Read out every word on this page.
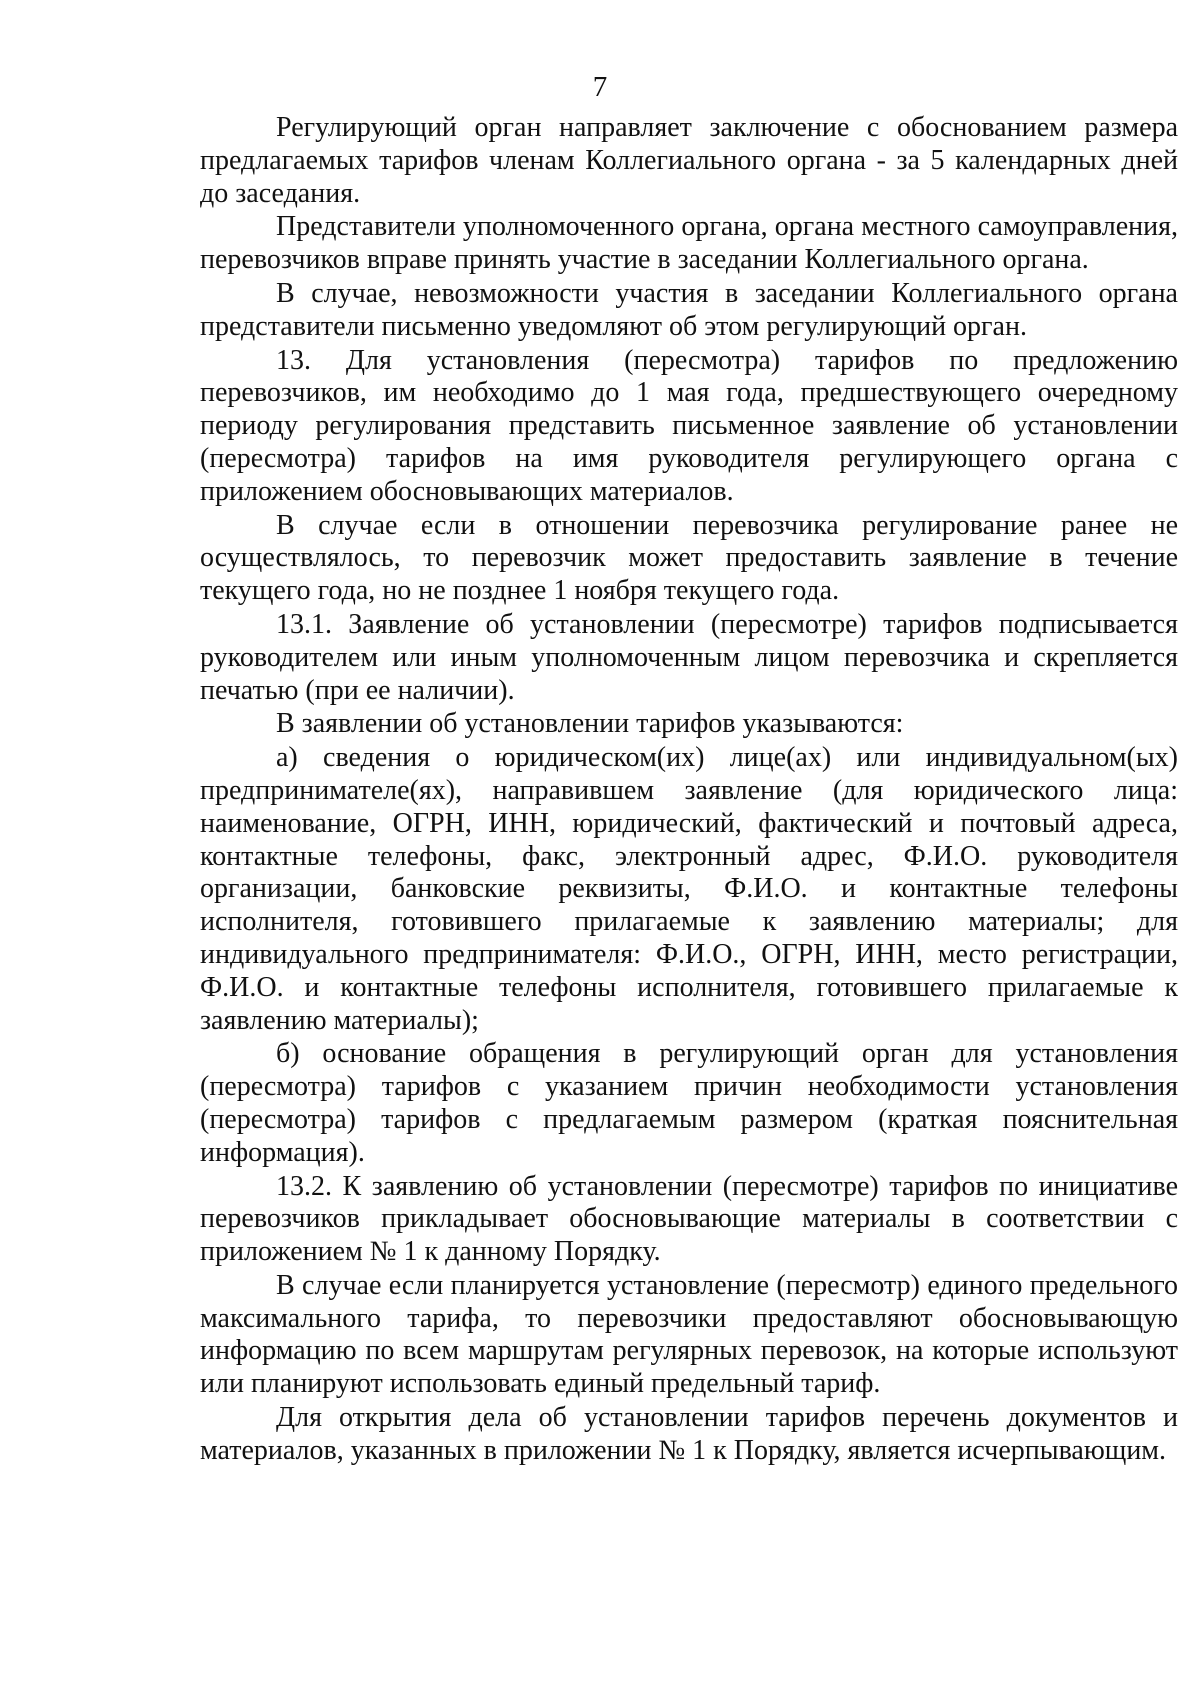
7

Регулирующий орган направляет заключение с обоснованием размера предлагаемых тарифов членам Коллегиального органа - за 5 календарных дней до заседания.

Представители уполномоченного органа, органа местного самоуправления, перевозчиков вправе принять участие в заседании Коллегиального органа.

В случае, невозможности участия в заседании Коллегиального органа представители письменно уведомляют об этом регулирующий орган.

13. Для установления (пересмотра) тарифов по предложению перевозчиков, им необходимо до 1 мая года, предшествующего очередному периоду регулирования представить письменное заявление об установлении (пересмотра) тарифов на имя руководителя регулирующего органа с приложением обосновывающих материалов.

В случае если в отношении перевозчика регулирование ранее не осуществлялось, то перевозчик может предоставить заявление в течение текущего года, но не позднее 1 ноября текущего года.

13.1. Заявление об установлении (пересмотре) тарифов подписывается руководителем или иным уполномоченным лицом перевозчика и скрепляется печатью (при ее наличии).

В заявлении об установлении тарифов указываются:

а) сведения о юридическом(их) лице(ах) или индивидуальном(ых) предпринимателе(ях), направившем заявление (для юридического лица: наименование, ОГРН, ИНН, юридический, фактический и почтовый адреса, контактные телефоны, факс, электронный адрес, Ф.И.О. руководителя организации, банковские реквизиты, Ф.И.О. и контактные телефоны исполнителя, готовившего прилагаемые к заявлению материалы; для индивидуального предпринимателя: Ф.И.О., ОГРН, ИНН, место регистрации, Ф.И.О. и контактные телефоны исполнителя, готовившего прилагаемые к заявлению материалы);

б) основание обращения в регулирующий орган для установления (пересмотра) тарифов с указанием причин необходимости установления (пересмотра) тарифов с предлагаемым размером (краткая пояснительная информация).

13.2. К заявлению об установлении (пересмотре) тарифов по инициативе перевозчиков прикладывает обосновывающие материалы в соответствии с приложением № 1 к данному Порядку.

В случае если планируется установление (пересмотр) единого предельного максимального тарифа, то перевозчики предоставляют обосновывающую информацию по всем маршрутам регулярных перевозок, на которые используют или планируют использовать единый предельный тариф.

Для открытия дела об установлении тарифов перечень документов и материалов, указанных в приложении № 1 к Порядку, является исчерпывающим.
